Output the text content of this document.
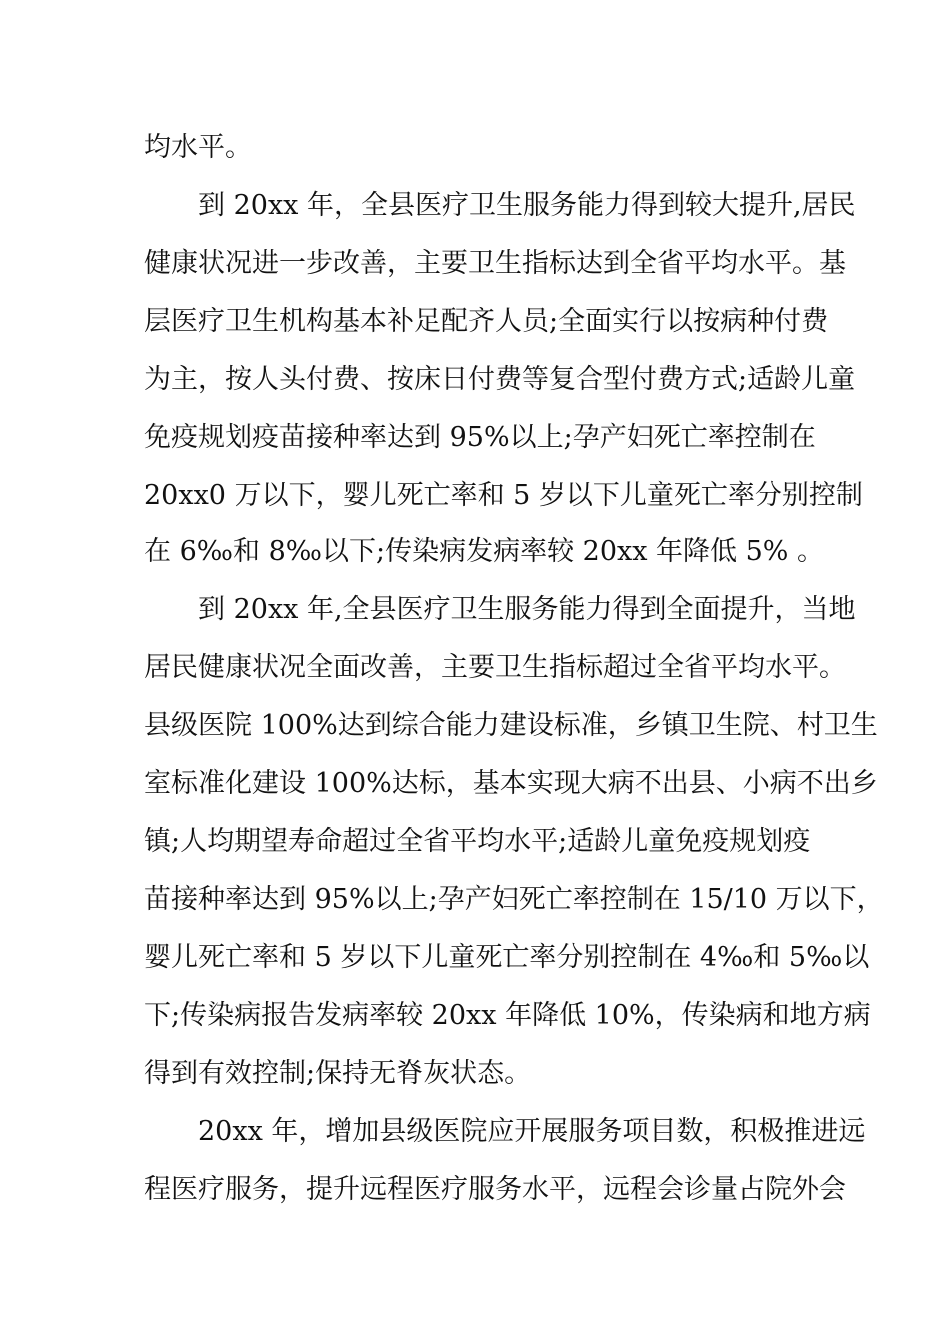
均水平。
到 20xx 年，全县医疗卫生服务能力得到较大提升,居民
健康状况进一步改善，主要卫生指标达到全省平均水平。基
层医疗卫生机构基本补足配齐人员;全面实行以按病种付费
为主，按人头付费、按床日付费等复合型付费方式;适龄儿童
免疫规划疫苗接种率达到 95%以上;孕产妇死亡率控制在
20xx0 万以下，婴儿死亡率和 5 岁以下儿童死亡率分别控制
在 6‰和 8‰以下;传染病发病率较 20xx 年降低 5% 。
到 20xx 年,全县医疗卫生服务能力得到全面提升，当地
居民健康状况全面改善，主要卫生指标超过全省平均水平。
县级医院 100%达到综合能力建设标准，乡镇卫生院、村卫生
室标准化建设 100%达标，基本实现大病不出县、小病不出乡
镇;人均期望寿命超过全省平均水平;适龄儿童免疫规划疫
苗接种率达到 95%以上;孕产妇死亡率控制在 15/10 万以下，
婴儿死亡率和 5 岁以下儿童死亡率分别控制在 4‰和 5‰以
下;传染病报告发病率较 20xx 年降低 10%，传染病和地方病
得到有效控制;保持无脊灰状态。
20xx 年，增加县级医院应开展服务项目数，积极推进远
程医疗服务，提升远程医疗服务水平，远程会诊量占院外会
